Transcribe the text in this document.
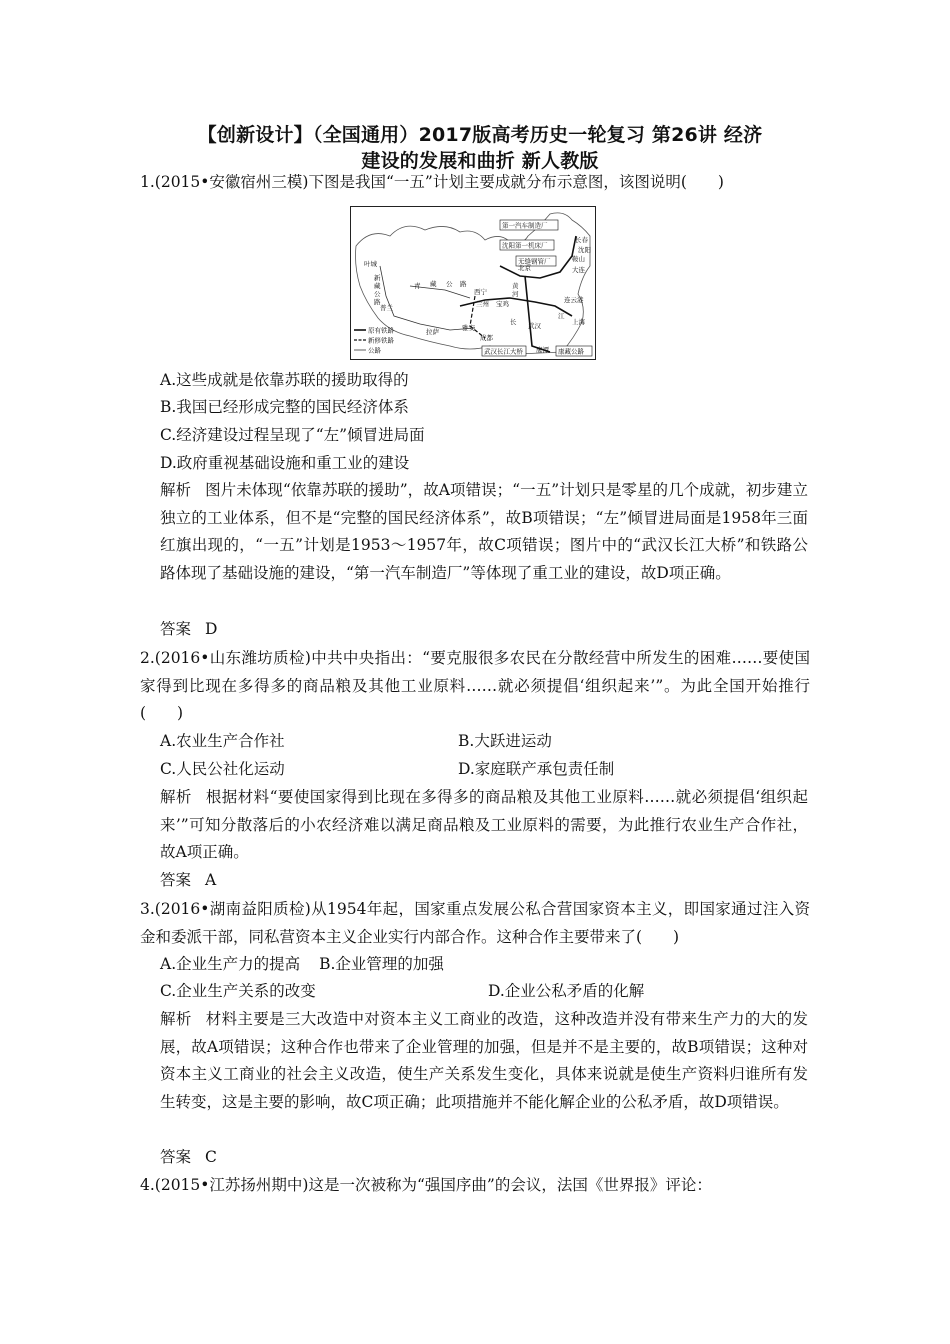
【创新设计】（全国通用）2017版高考历史一轮复习 第26讲 经济
建设的发展和曲折 新人教版
1.(2015•安徽宿州三模)下图是我国“一五”计划主要成就分布示意图，该图说明(　　)
第一汽车制造厂
沈阳第一机床厂
无缝钢管厂
武汉长江大桥	康藏公路
长春
沈阳
鞍山
大连
北京
连云港
上海
西宁
兰州 宝鸡
成都
雅安
拉萨
鹰潭
武汉
叶城
普兰
新
藏
公
路
青 藏 公 路	黄
河
长
江
原有铁路
新修铁路
公路
A.这些成就是依靠苏联的援助取得的
B.我国已经形成完整的国民经济体系
C.经济建设过程呈现了“左”倾冒进局面
D.政府重视基础设施和重工业的建设
解析 图片未体现“依靠苏联的援助”，故A项错误；“一五”计划只是零星的几个成就，初步建立独立的工业体系，但不是“完整的国民经济体系”，故B项错误；“左”倾冒进局面是1958年三面红旗出现的，“一五”计划是1953～1957年，故C项错误；图片中的“武汉长江大桥”和铁路公路体现了基础设施的建设，“第一汽车制造厂”等体现了重工业的建设，故D项正确。
答案 D
2.(2016•山东潍坊质检)中共中央指出：“要克服很多农民在分散经营中所发生的困难……要使国家得到比现在多得多的商品粮及其他工业原料……就必须提倡‘组织起来’”。为此全国开始推行(　　)
A.农业生产合作社	B.大跃进运动
C.人民公社化运动	D.家庭联产承包责任制
解析 根据材料“要使国家得到比现在多得多的商品粮及其他工业原料……就必须提倡‘组织起来’”可知分散落后的小农经济难以满足商品粮及工业原料的需要，为此推行农业生产合作社，故A项正确。
答案 A
3.(2016•湖南益阳质检)从1954年起，国家重点发展公私合营国家资本主义，即国家通过注入资金和委派干部，同私营资本主义企业实行内部合作。这种合作主要带来了(　　)
A.企业生产力的提高 B.企业管理的加强
C.企业生产关系的改变	D.企业公私矛盾的化解
解析 材料主要是三大改造中对资本主义工商业的改造，这种改造并没有带来生产力的大的发展，故A项错误；这种合作也带来了企业管理的加强，但是并不是主要的，故B项错误；这种对资本主义工商业的社会主义改造，使生产关系发生变化，具体来说就是使生产资料归谁所有发生转变，这是主要的影响，故C项正确；此项措施并不能化解企业的公私矛盾，故D项错误。
答案 C
4.(2015•江苏扬州期中)这是一次被称为“强国序曲”的会议，法国《世界报》评论：
